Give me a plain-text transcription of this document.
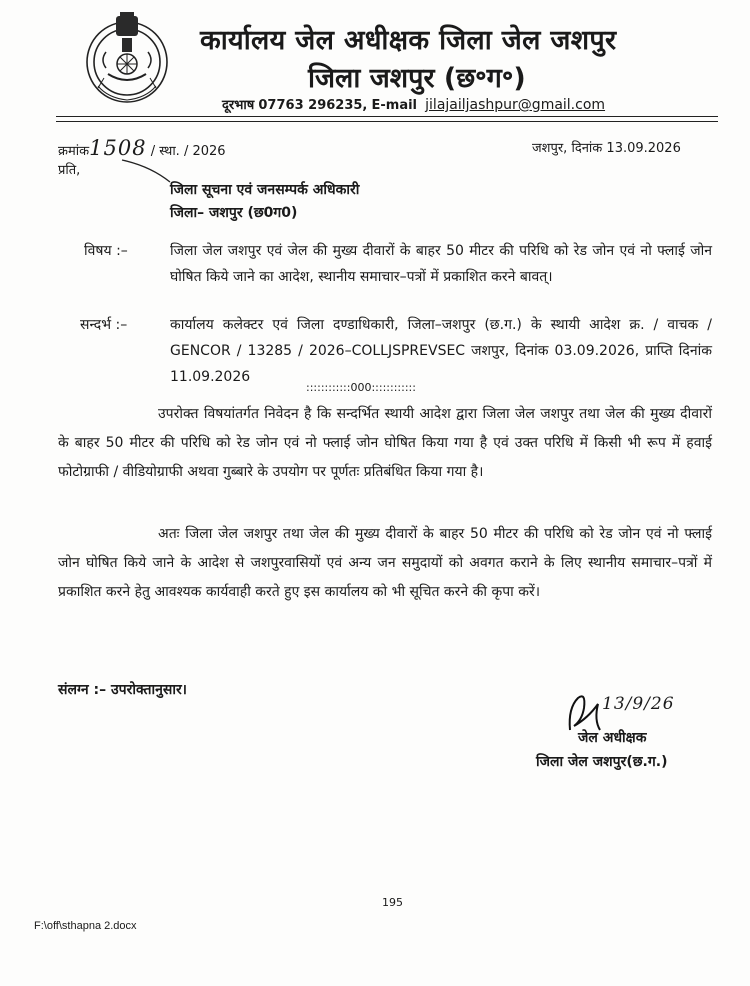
कार्यालय जेल अधीक्षक जिला जेल जशपुर
जिला जशपुर (छ॰ग॰)
दूरभाष 07763 296235, E-mail jilajailjashpur@gmail.com
क्रमांक1508 / स्था. / 2026	जशपुर, दिनांक 13.09.2026
प्रति,
जिला सूचना एवं जनसम्पर्क अधिकारी
जिला– जशपुर (छ0ग0)
विषय :–	जिला जेल जशपुर एवं जेल की मुख्य दीवारों के बाहर 50 मीटर की परिधि को रेड जोन एवं नो फ्लाई जोन घोषित किये जाने का आदेश, स्थानीय समाचार–पत्रों में प्रकाशित करने बावत्।
सन्दर्भ :–	कार्यालय कलेक्टर एवं जिला दण्डाधिकारी, जिला–जशपुर (छ.ग.) के स्थायी आदेश क्र. / वाचक / GENCOR / 13285 / 2026–COLLJSPREVSEC जशपुर, दिनांक 03.09.2026, प्राप्ति दिनांक 11.09.2026
::::::::::::000::::::::::::
उपरोक्त विषयांतर्गत निवेदन है कि सन्दर्भित स्थायी आदेश द्वारा जिला जेल जशपुर तथा जेल की मुख्य दीवारों के बाहर 50 मीटर की परिधि को रेड जोन एवं नो फ्लाई जोन घोषित किया गया है एवं उक्त परिधि में किसी भी रूप में हवाई फोटोग्राफी / वीडियोग्राफी अथवा गुब्बारे के उपयोग पर पूर्णतः प्रतिबंधित किया गया है।
अतः जिला जेल जशपुर तथा जेल की मुख्य दीवारों के बाहर 50 मीटर की परिधि को रेड जोन एवं नो फ्लाई जोन घोषित किये जाने के आदेश से जशपुरवासियों एवं अन्य जन समुदायों को अवगत कराने के लिए स्थानीय समाचार–पत्रों में प्रकाशित करने हेतु आवश्यक कार्यवाही करते हुए इस कार्यालय को भी सूचित करने की कृपा करें।
संलग्न :– उपरोक्तानुसार।
13/9/26
जेल अधीक्षक
जिला जेल जशपुर(छ.ग.)
195
F:\off\sthapna 2.docx
